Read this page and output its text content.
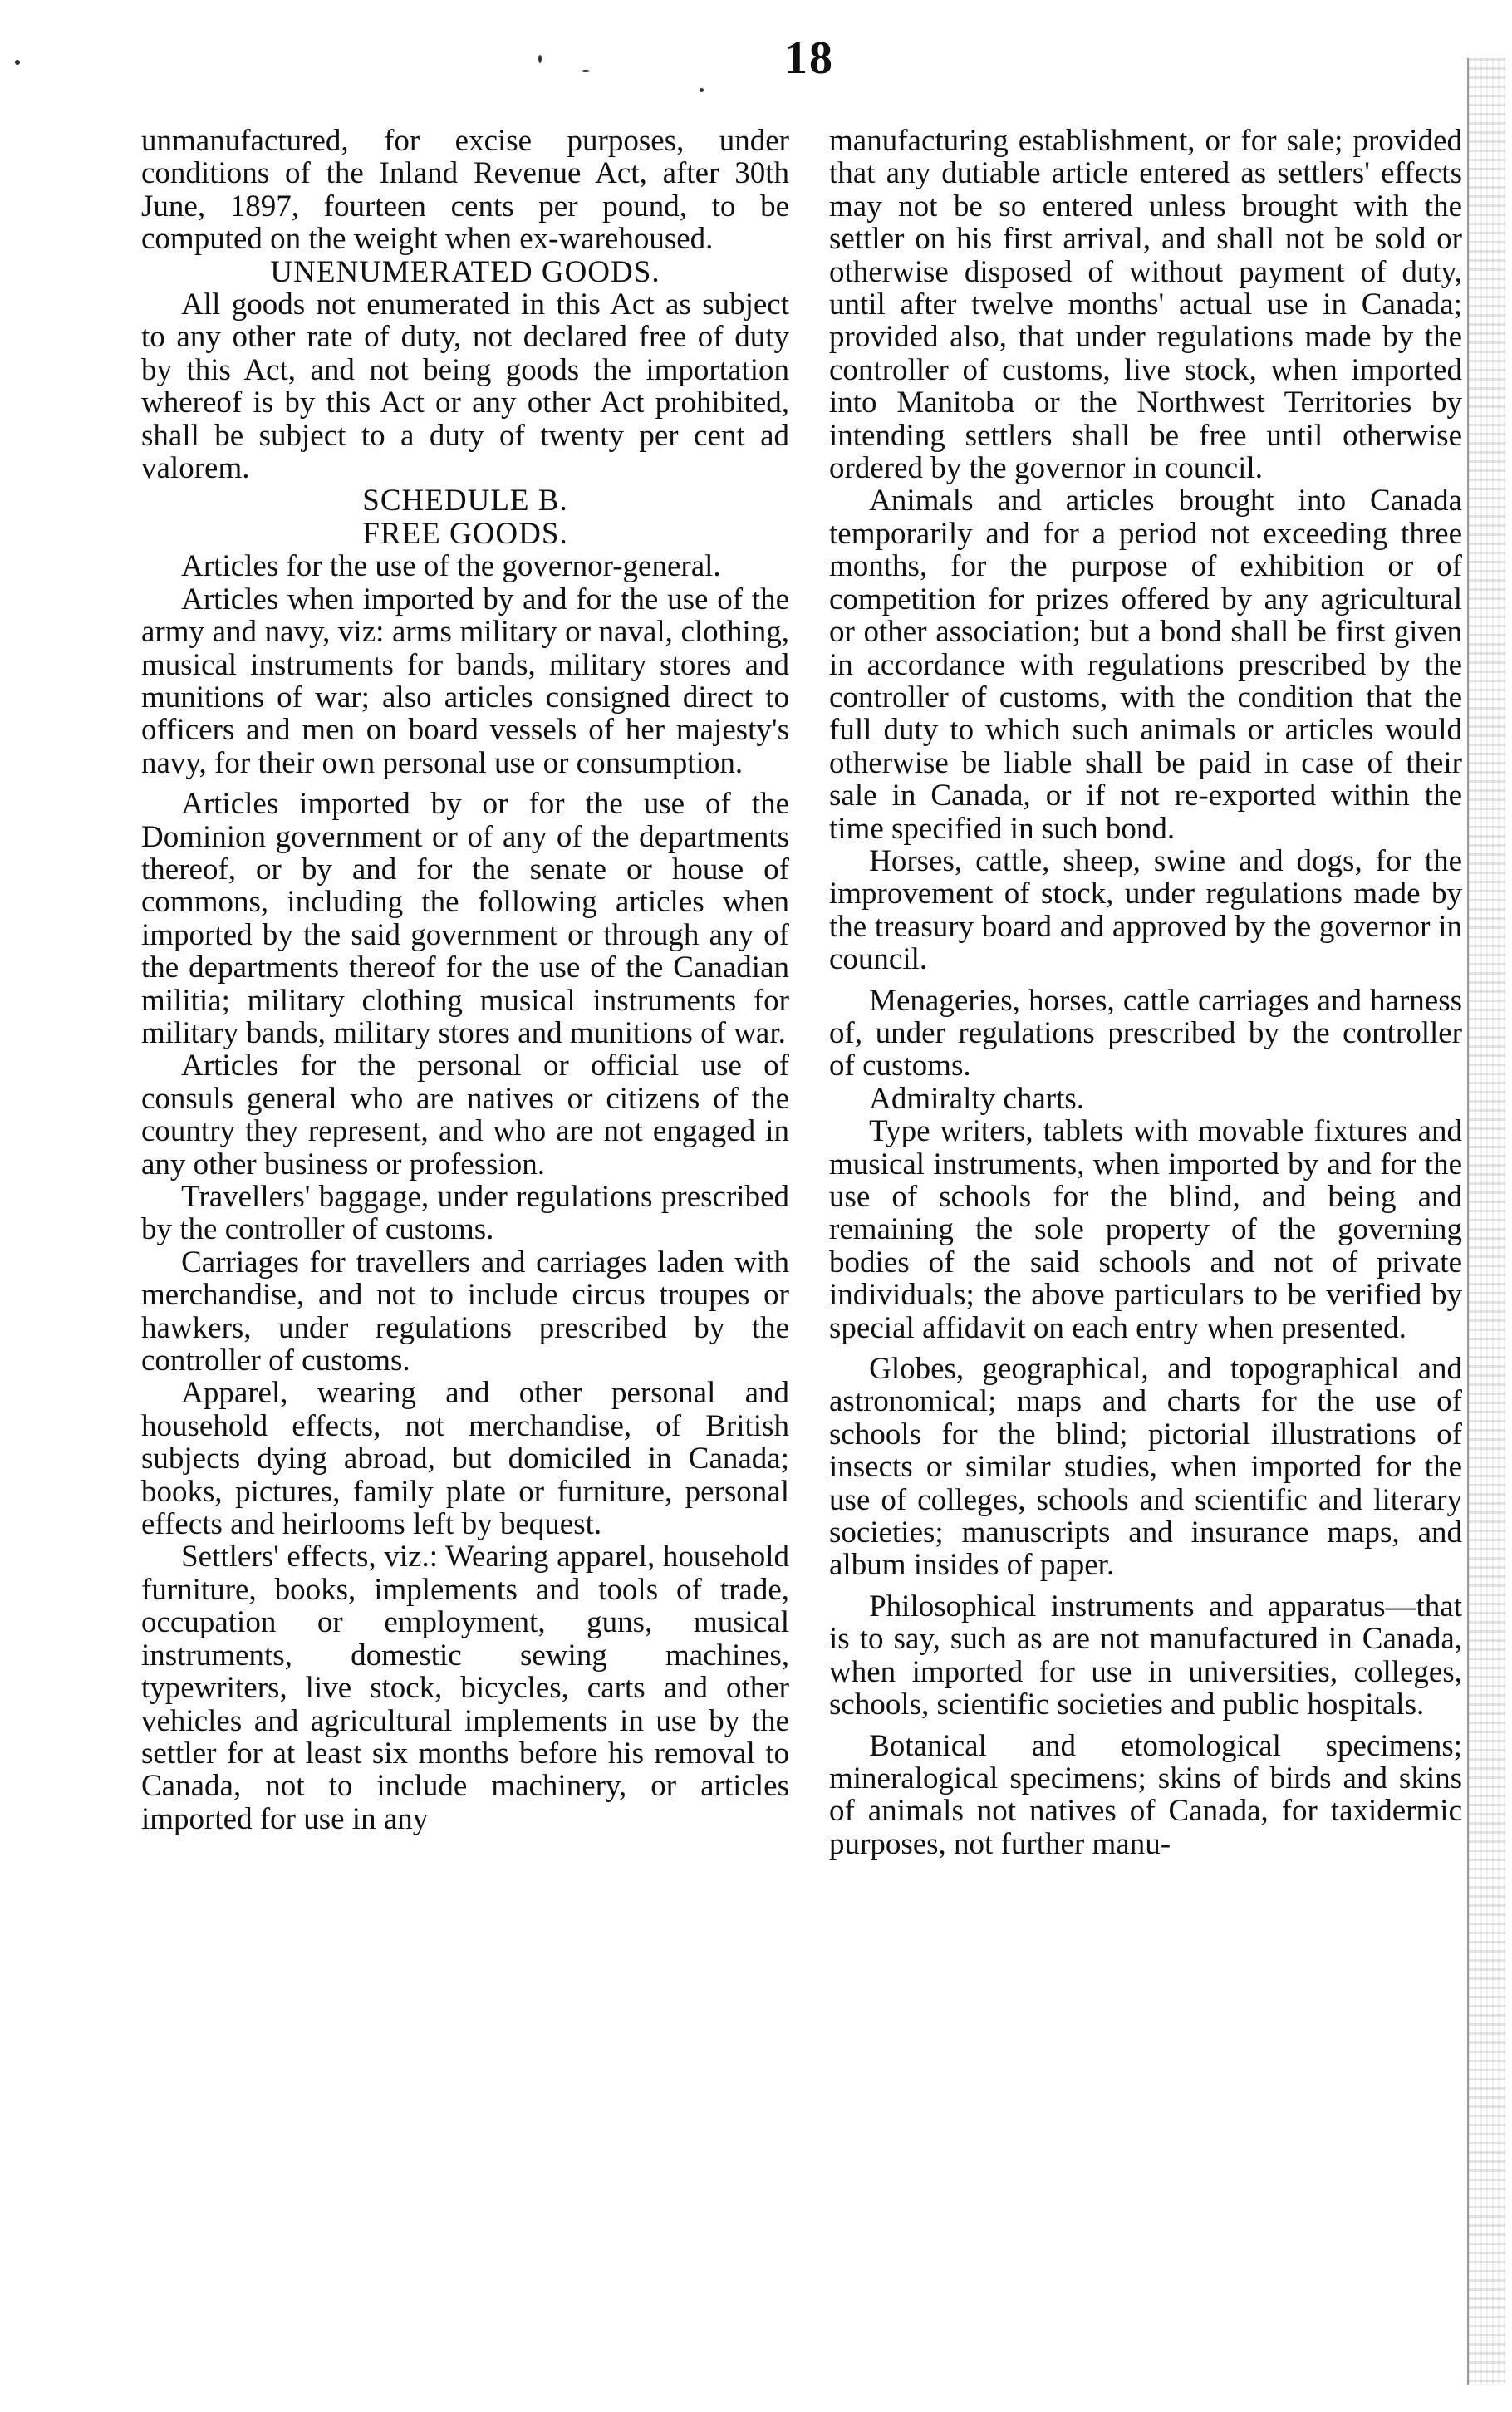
18

unmanufactured, for excise purposes, under conditions of the Inland Revenue Act, after 30th June, 1897, fourteen cents per pound, to be computed on the weight when ex-warehoused.

UNENUMERATED GOODS.

All goods not enumerated in this Act as subject to any other rate of duty, not declared free of duty by this Act, and not being goods the importation whereof is by this Act or any other Act prohibited, shall be subject to a duty of twenty per cent ad valorem.

SCHEDULE B.

FREE GOODS.

Articles for the use of the governor-general.

Articles when imported by and for the use of the army and navy, viz: arms military or naval, clothing, musical instruments for bands, military stores and munitions of war; also articles consigned direct to officers and men on board vessels of her majesty's navy, for their own personal use or consumption.

Articles imported by or for the use of the Dominion government or of any of the departments thereof, or by and for the senate or house of commons, including the following articles when imported by the said government or through any of the departments thereof for the use of the Canadian militia; military clothing musical instruments for military bands, military stores and munitions of war.

Articles for the personal or official use of consuls general who are natives or citizens of the country they represent, and who are not engaged in any other business or profession.

Travellers' baggage, under regulations prescribed by the controller of customs.

Carriages for travellers and carriages laden with merchandise, and not to include circus troupes or hawkers, under regulations prescribed by the controller of customs.

Apparel, wearing and other personal and household effects, not merchandise, of British subjects dying abroad, but domiciled in Canada; books, pictures, family plate or furniture, personal effects and heirlooms left by bequest.

Settlers' effects, viz.: Wearing apparel, household furniture, books, implements and tools of trade, occupation or employment, guns, musical instruments, domestic sewing machines, typewriters, live stock, bicycles, carts and other vehicles and agricultural implements in use by the settler for at least six months before his removal to Canada, not to include machinery, or articles imported for use in any

manufacturing establishment, or for sale; provided that any dutiable article entered as settlers' effects may not be so entered unless brought with the settler on his first arrival, and shall not be sold or otherwise disposed of without payment of duty, until after twelve months' actual use in Canada; provided also, that under regulations made by the controller of customs, live stock, when imported into Manitoba or the Northwest Territories by intending settlers shall be free until otherwise ordered by the governor in council.

Animals and articles brought into Canada temporarily and for a period not exceeding three months, for the purpose of exhibition or of competition for prizes offered by any agricultural or other association; but a bond shall be first given in accordance with regulations prescribed by the controller of customs, with the condition that the full duty to which such animals or articles would otherwise be liable shall be paid in case of their sale in Canada, or if not re-exported within the time specified in such bond.

Horses, cattle, sheep, swine and dogs, for the improvement of stock, under regulations made by the treasury board and approved by the governor in council.

Menageries, horses, cattle carriages and harness of, under regulations prescribed by the controller of customs.

Admiralty charts.

Type writers, tablets with movable fixtures and musical instruments, when imported by and for the use of schools for the blind, and being and remaining the sole property of the governing bodies of the said schools and not of private individuals; the above particulars to be verified by special affidavit on each entry when presented.

Globes, geographical, and topographical and astronomical; maps and charts for the use of schools for the blind; pictorial illustrations of insects or similar studies, when imported for the use of colleges, schools and scientific and literary societies; manuscripts and insurance maps, and album insides of paper.

Philosophical instruments and apparatus—that is to say, such as are not manufactured in Canada, when imported for use in universities, colleges, schools, scientific societies and public hospitals.

Botanical and etomological specimens; mineralogical specimens; skins of birds and skins of animals not natives of Canada, for taxidermic purposes, not further manu-
